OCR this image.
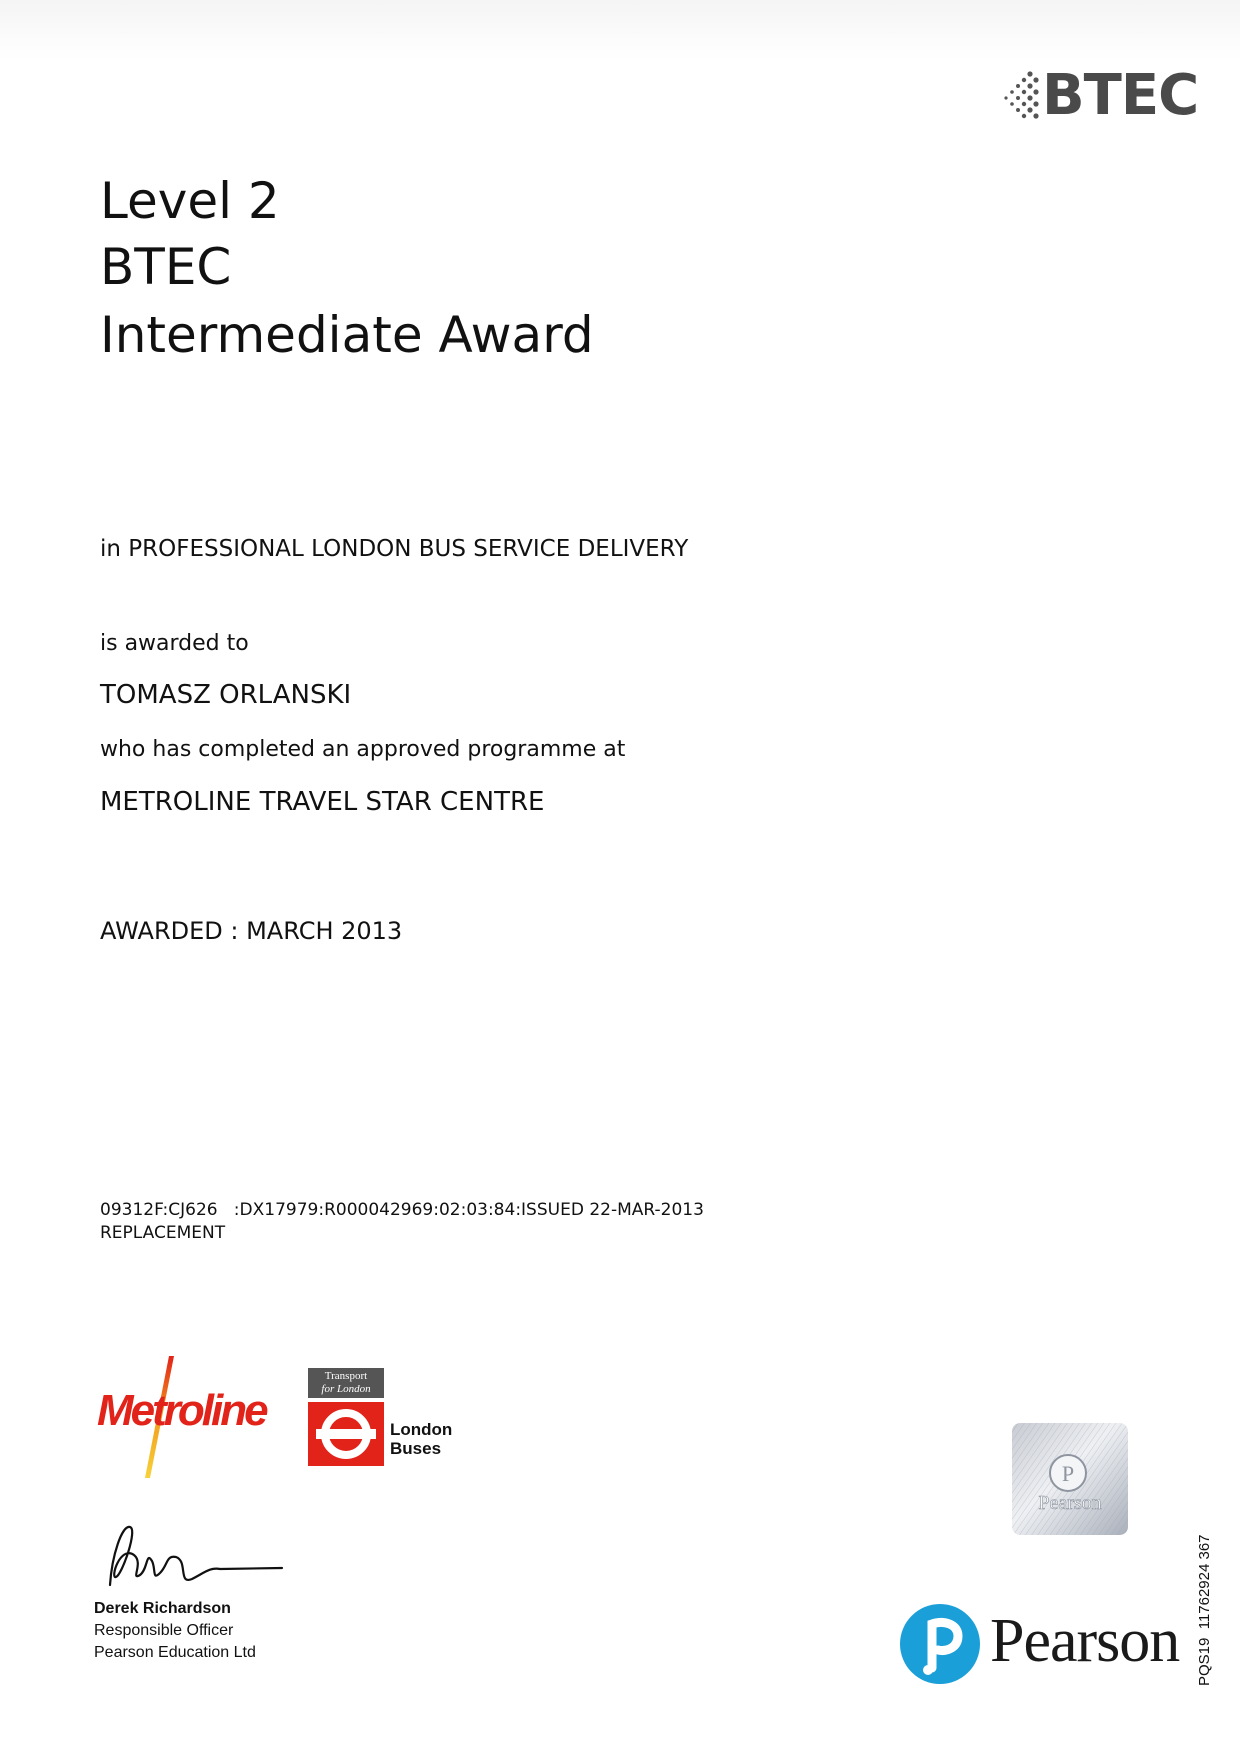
BTEC
Level 2
BTEC
Intermediate Award
in PROFESSIONAL LONDON BUS SERVICE DELIVERY
is awarded to
TOMASZ ORLANSKI
who has completed an approved programme at
METROLINE TRAVEL STAR CENTRE
AWARDED : MARCH 2013
09312F:CJ626   :DX17979:R000042969:02:03:84:ISSUED 22-MAR-2013
REPLACEMENT
Metroline
Transport
for London
London
Buses
Derek Richardson
Responsible Officer
Pearson Education Ltd
P
Pearson
Pearson PQS19  11762924 367
